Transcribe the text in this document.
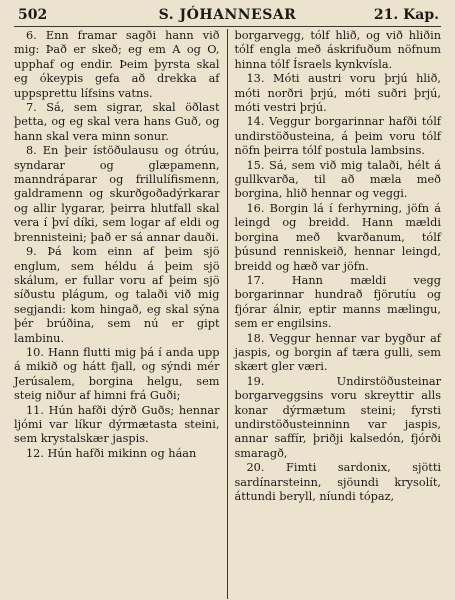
502	S. JÓHANNESAR	21. Kap.

6. Enn framar sagði hann við mig: Það er skeð; eg em A og O, upphaf og endir. Þeim þyrsta skal eg ókeypis gefa að drekka af uppsprettu lífsins vatns.

7. Sá, sem sigrar, skal öðlast þetta, og eg skal vera hans Guð, og hann skal vera minn sonur.

8. En þeir ístöðulausu og ótrúu, syndarar og glæpamenn, manndráparar og frillulífismenn, galdramenn og skurðgoðadýrkarar og allir lygarar, þeirra hlutfall skal vera í því díki, sem logar af eldi og brennisteini; það er sá annar dauði.

9. Þá kom einn af þeim sjö englum, sem héldu á þeim sjö skálum, er fullar voru af þeim sjö síðustu plágum, og talaði við mig segjandi: kom hingað, eg skal sýna þér brúðina, sem nú er gipt lambinu.

10. Hann flutti mig þá í anda upp á mikið og hátt fjall, og sýndi mér Jerúsalem, borgina helgu, sem steig niður af himni frá Guði;

11. Hún hafði dýrð Guðs; hennar ljómi var líkur dýrmætasta steini, sem krystalskær jaspis.

12. Hún hafði mikinn og háan

borgarvegg, tólf hlið, og við hliðin tólf engla með áskrifuðum nöfnum hinna tólf Ísraels kynkvísla.

13. Móti austri voru þrjú hlið, móti norðri þrjú, móti suðri þrjú, móti vestri þrjú.

14. Veggur borgarinnar hafði tólf undirstöðusteina, á þeim voru tólf nöfn þeirra tólf postula lambsins.

15. Sá, sem við mig talaði, hélt á gullkvarða, til að mæla með borgina, hlið hennar og veggi.

16. Borgin lá í ferhyrning, jöfn á leingd og breidd. Hann mældi borgina með kvarðanum, tólf þúsund renniskeið, hennar leingd, breidd og hæð var jöfn.

17. Hann mældi vegg borgarinnar hundrað fjörutíu og fjórar álnir, eptir manns mælingu, sem er engilsins.

18. Veggur hennar var bygður af jaspis, og borgin af tæra gulli, sem skært gler væri.

19. Undirstöðusteinar borgarveggsins voru skreyttir alls konar dýrmætum steini; fyrsti undirstöðusteinninn var jaspis, annar saffír, þriðji kalsedón, fjórði smaragð,

20. Fimti sardonix, sjötti sardínarsteinn, sjöundi krysolít, áttundi beryll, níundi tópaz,
